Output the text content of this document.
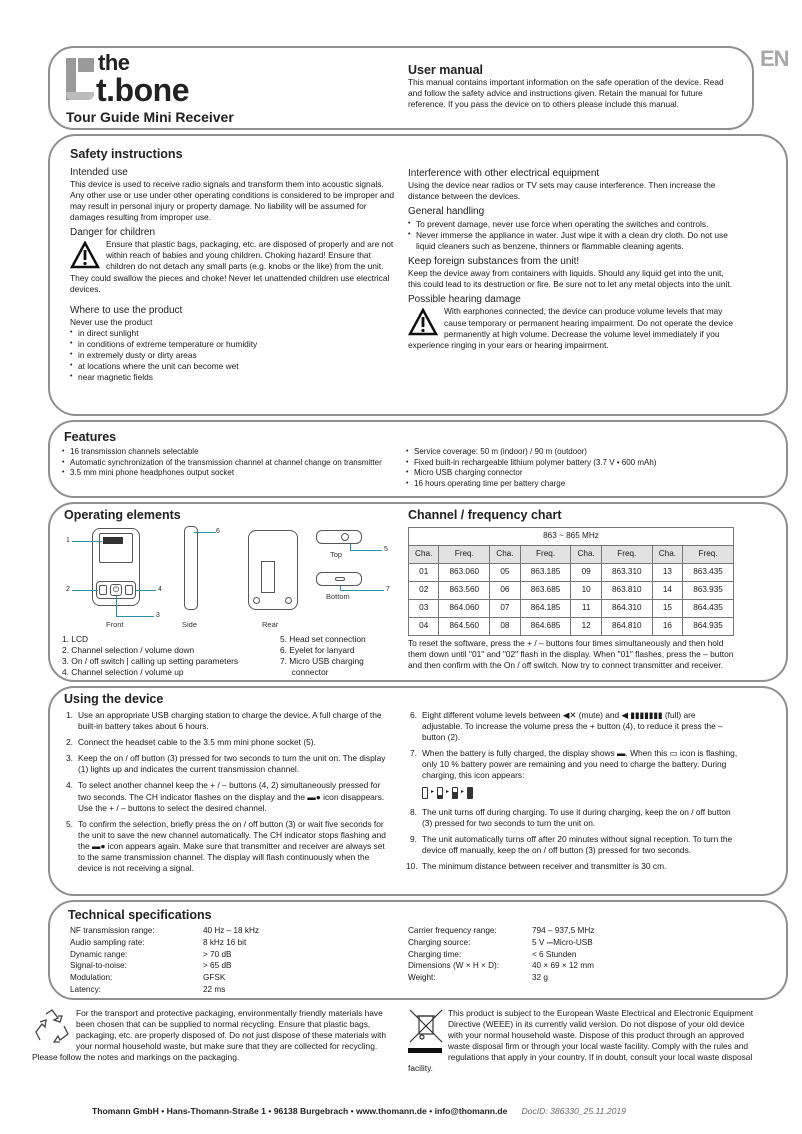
the
t.bone
Tour Guide Mini Receiver
User manual

This manual contains important information on the safe operation of the device. Read and follow the safety advice and instructions given. Retain the manual for future reference. If you pass the device on to others please include this manual.

EN
Safety instructions
Intended use

This device is used to receive radio signals and transform them into acoustic signals. Any other use or use under other operating conditions is considered to be improper and may result in personal injury or property damage. No liability will be assumed for damages resulting from improper use.

Danger for children

Ensure that plastic bags, packaging, etc. are disposed of properly and are not within reach of babies and young children. Choking hazard! Ensure that children do not detach any small parts (e.g. knobs or the like) from the unit. They could swallow the pieces and choke! Never let unattended children use electrical devices.

Where to use the product

Never use the product

• in direct sunlight
• in conditions of extreme temperature or humidity
• in extremely dusty or dirty areas
• at locations where the unit can become wet
• near magnetic fields
Interference with other electrical equipment

Using the device near radios or TV sets may cause interference. Then increase the distance between the devices.

General handling
• To prevent damage, never use force when operating the switches and controls.
• Never immerse the appliance in water. Just wipe it with a clean dry cloth. Do not use liquid cleaners such as benzene, thinners or flammable cleaning agents.
Keep foreign substances from the unit!

Keep the device away from containers with liquids. Should any liquid get into the unit, this could lead to its destruction or fire. Be sure not to let any metal objects into the unit.

Possible hearing damage

With earphones connected, the device can produce volume levels that may cause temporary or permanent hearing impairment. Do not operate the device permanently at high volume. Decrease the volume level immediately if you experience ringing in your ears or hearing impairment.

Features
• 16 transmission channels selectable
• Automatic synchronization of the transmission channel at channel change on transmitter
• 3.5 mm mini phone headphones output socket
• Service coverage: 50 m (indoor) / 90 m (outdoor)
• Fixed built-in rechargeable lithium polymer battery (3.7 V • 600 mAh)
• Micro USB charging connector
• 16 hours operating time per battery charge
Operating elements
⏻
1
2	4
3
Front
6
Side	Rear
5
Top
7
Bottom
1. LCD
2. Channel selection / volume down
3. On / off switch | calling up setting parameters
4. Channel selection / volume up
5. Head set connection
6. Eyelet for lanyard
7. Micro USB charging
connector
Channel / frequency chart
863 ~ 865 MHz							
Cha.	Freq.	Cha.	Freq.	Cha.	Freq.	Cha.	Freq.
01	863.060	05	863.185	09	863.310	13	863.435
02	863.560	06	863.685	10	863.810	14	863.935
03	864.060	07	864.185	11	864.310	15	864.435
04	864.560	08	864.685	12	864.810	16	864.935

To reset the software, press the + / – buttons four times simultaneously and then hold them down until "01" and "02" flash in the display. When "01" flashes, press the – button and then confirm with the On / off switch. Now try to connect transmitter and receiver.

Using the device
1. Use an appropriate USB charging station to charge the device. A full charge of the built-in battery takes about 6 hours.
2. Connect the headset cable to the 3.5 mm mini phone socket (5).
3. Keep the on / off button (3) pressed for two seconds to turn the unit on. The display (1) lights up and indicates the current transmission channel.
4. To select another channel keep the + / – buttons (4, 2) simultaneously pressed for two seconds. The CH indicator flashes on the display and the ▬● icon disappears. Use the + / – buttons to select the desired channel.
5. To confirm the selection, briefly press the on / off button (3) or wait five seconds for the unit to save the new channel automatically. The CH indicator stops flashing and the ▬● icon appears again. Make sure that transmitter and receiver are always set to the same transmission channel. The display will flash continuously when the device is not receiving a signal.
6. Eight different volume levels between ◀✕ (mute) and ◀ ▮▮▮▮▮▮▮ (full) are adjustable. To increase the volume press the + button (4), to reduce it press the – button (2).
7. When the battery is fully charged, the display shows ▬. When this ▭ icon is flashing, only 10 % battery power are remaining and you need to charge the battery. During charging, this icon appears:
▸ ▸ ▸
8. The unit turns off during charging. To use it during charging, keep the on / off button (3) pressed for two seconds to turn the unit on.
9. The unit automatically turns off after 20 minutes without signal reception. To turn the device off manually, keep the on / off button (3) pressed for two seconds.
10. The minimum distance between receiver and transmitter is 30 cm.
Technical specifications
NF transmission range:	40 Hz – 18 kHz
Audio sampling rate:	8 kHz 16 bit
Dynamic range:	> 70 dB
Signal-to-noise:	> 65 dB
Modulation:	GFSK
Latency:	22 ms
Carrier frequency range:	794 – 937,5 MHz
Charging source:	5 V ⎓Micro-USB
Charging time:	< 6 Stunden
Dimensions (W × H × D):	40 × 69 × 12 mm
Weight:	32 g

For the transport and protective packaging, environmentally friendly materials have been chosen that can be supplied to normal recycling. Ensure that plastic bags, packaging, etc. are properly disposed of. Do not just dispose of these materials with your normal household waste, but make sure that they are collected for recycling. Please follow the notes and markings on the packaging.

This product is subject to the European Waste Electrical and Electronic Equipment Directive (WEEE) in its currently valid version. Do not dispose of your old device with your normal household waste. Dispose of this product through an approved waste disposal firm or through your local waste facility. Comply with the rules and regulations that apply in your country. If in doubt, consult your local waste disposal facility.

Thomann GmbH • Hans-Thomann-Straße 1 • 96138 Burgebrach • www.thomann.de • info@thomann.de DocID: 386330_25.11.2019
